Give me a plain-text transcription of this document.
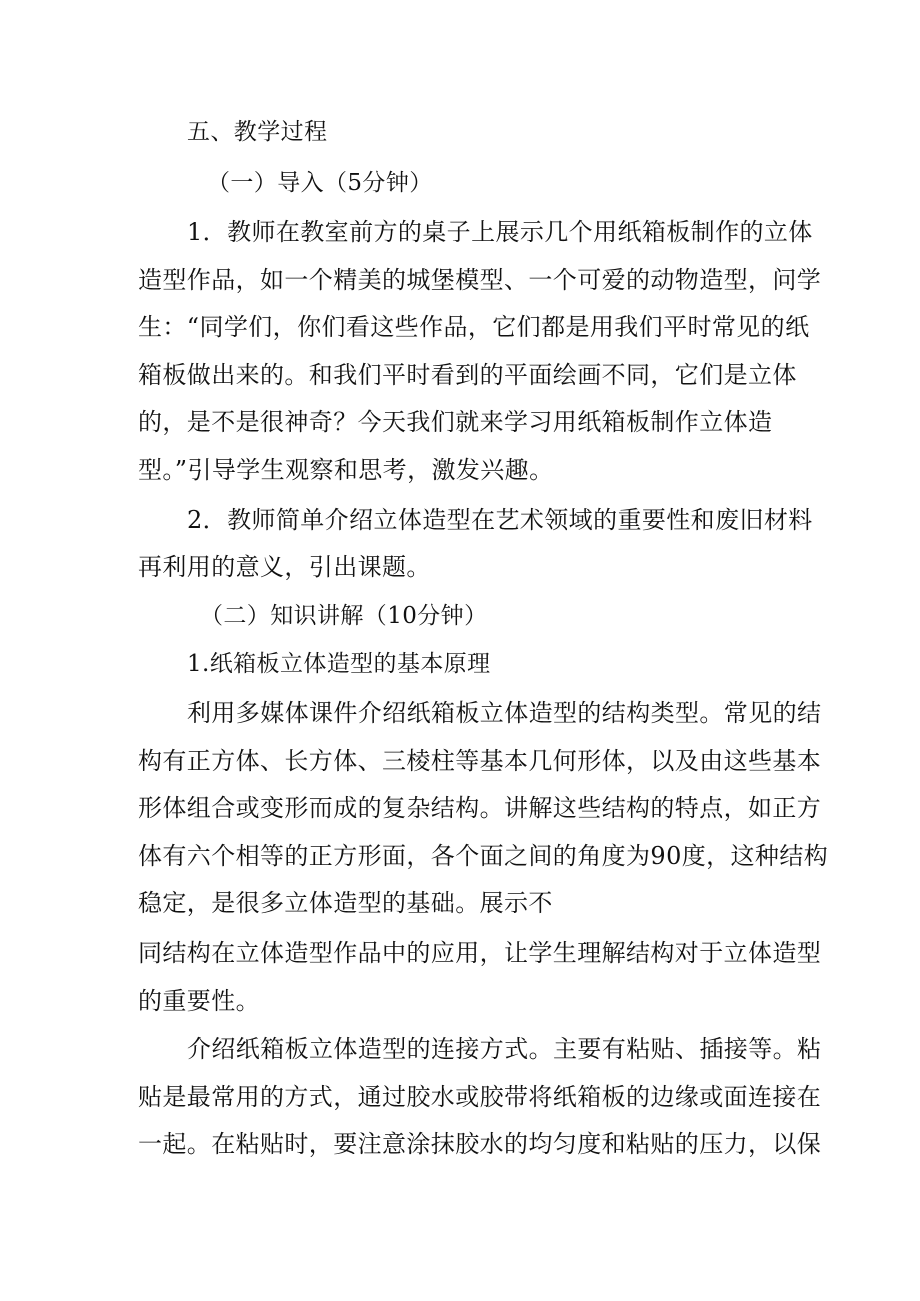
五、教学过程
（一）导入（5分钟）
1．教师在教室前方的桌子上展示几个用纸箱板制作的立体
造型作品，如一个精美的城堡模型、一个可爱的动物造型，问学
生：“同学们，你们看这些作品，它们都是用我们平时常见的纸
箱板做出来的。和我们平时看到的平面绘画不同，它们是立体
的，是不是很神奇？今天我们就来学习用纸箱板制作立体造
型。”引导学生观察和思考，激发兴趣。
2．教师简单介绍立体造型在艺术领域的重要性和废旧材料
再利用的意义，引出课题。
（二）知识讲解（10分钟）
1.纸箱板立体造型的基本原理
利用多媒体课件介绍纸箱板立体造型的结构类型。常见的结
构有正方体、长方体、三棱柱等基本几何形体，以及由这些基本
形体组合或变形而成的复杂结构。讲解这些结构的特点，如正方
体有六个相等的正方形面，各个面之间的角度为90度，这种结构
稳定，是很多立体造型的基础。展示不
同结构在立体造型作品中的应用，让学生理解结构对于立体造型
的重要性。
介绍纸箱板立体造型的连接方式。主要有粘贴、插接等。粘
贴是最常用的方式，通过胶水或胶带将纸箱板的边缘或面连接在
一起。在粘贴时，要注意涂抹胶水的均匀度和粘贴的压力，以保
